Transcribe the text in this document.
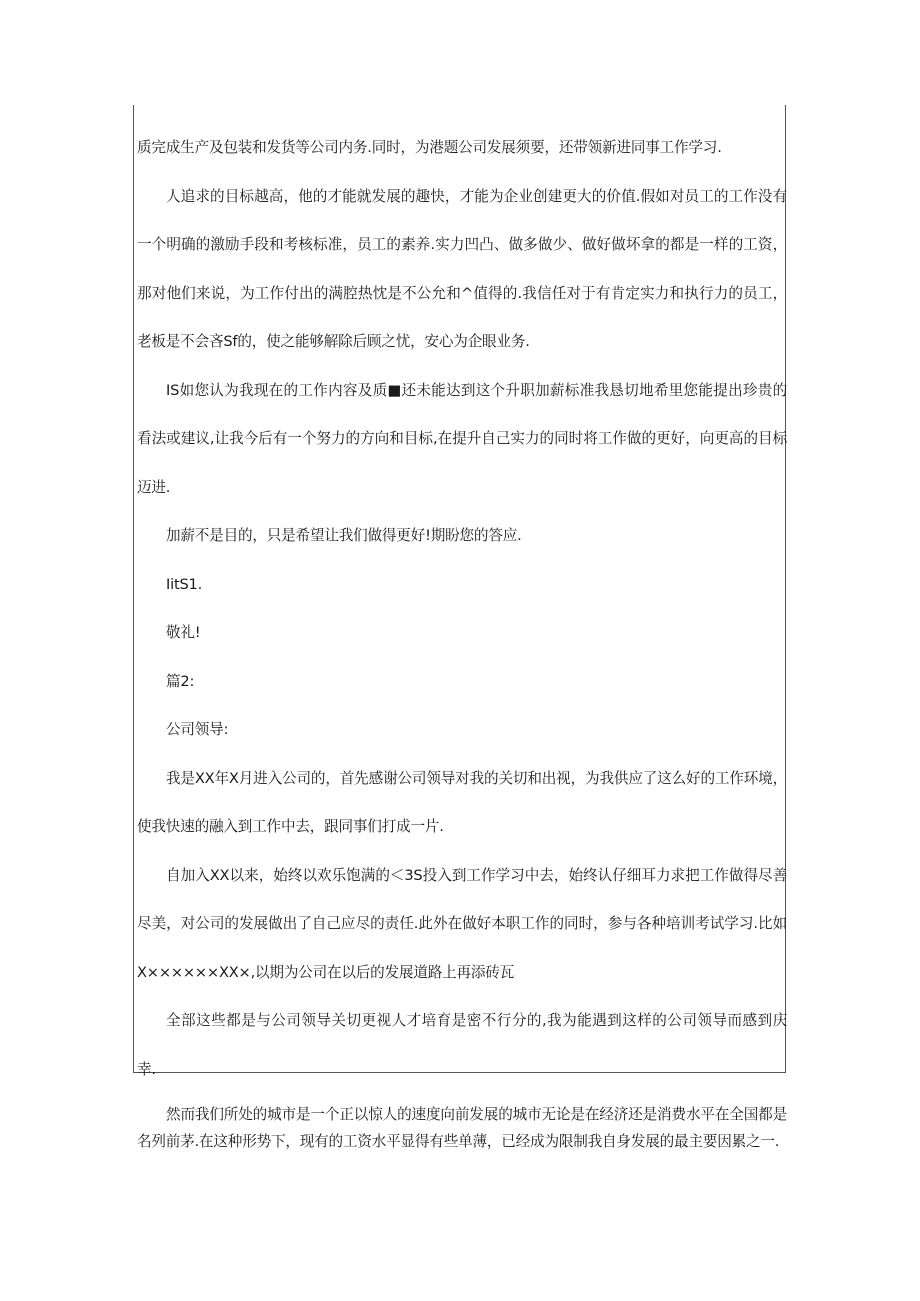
质完成生产及包装和发货等公司内务.同时，为港题公司发展须要，还带领新进同事工作学习.
人追求的目标越高，他的才能就发展的趣快，才能为企业创建更大的价值.假如对员工的工作没有
一个明确的激励手段和考核标准，员工的素养.实力凹凸、做多做少、做好做坏拿的都是一样的工资，
那对他们来说，为工作付出的满腔热忱是不公允和^值得的.我信任对于有肯定实力和执行力的员工，
老板是不会吝Sf的，使之能够解除后顾之忧，安心为企眼业务.
IS如您认为我现在的工作内容及质■还未能达到这个升职加薪标准我恳切地希里您能提出珍贵的
看法或建议,让我今后有一个努力的方向和目标,在提升自己实力的同时将工作做的更好，向更高的目标
迈进.
加薪不是目的，只是希望让我们做得更好!期盼您的答应.
IitS1.
敬礼!
篇2:
公司领导:
我是XX年X月进入公司的，首先感谢公司领导对我的关切和出视，为我供应了这么好的工作环境，
使我快速的融入到工作中去，跟同事们打成一片.
自加入XX以来，始终以欢乐饱满的＜3S投入到工作学习中去，始终认仔细耳力求把工作做得尽善
尽美，对公司的发展做出了自己应尽的责任.此外在做好本职工作的同时，参与各种培训考试学习.比如
X××××××XX×,以期为公司在以后的发展道路上再添砖瓦
全部这些都是与公司领导关切更视人才培育是密不行分的,我为能遇到这样的公司领导而感到庆
幸.
然而我们所处的城市是一个正以惊人的速度向前发展的城市无论是在经济还是消费水平在全国都是名列前茅.在这种形势下，现有的工资水平显得有些单薄，已经成为限制我自身发展的最主要因累之一.
